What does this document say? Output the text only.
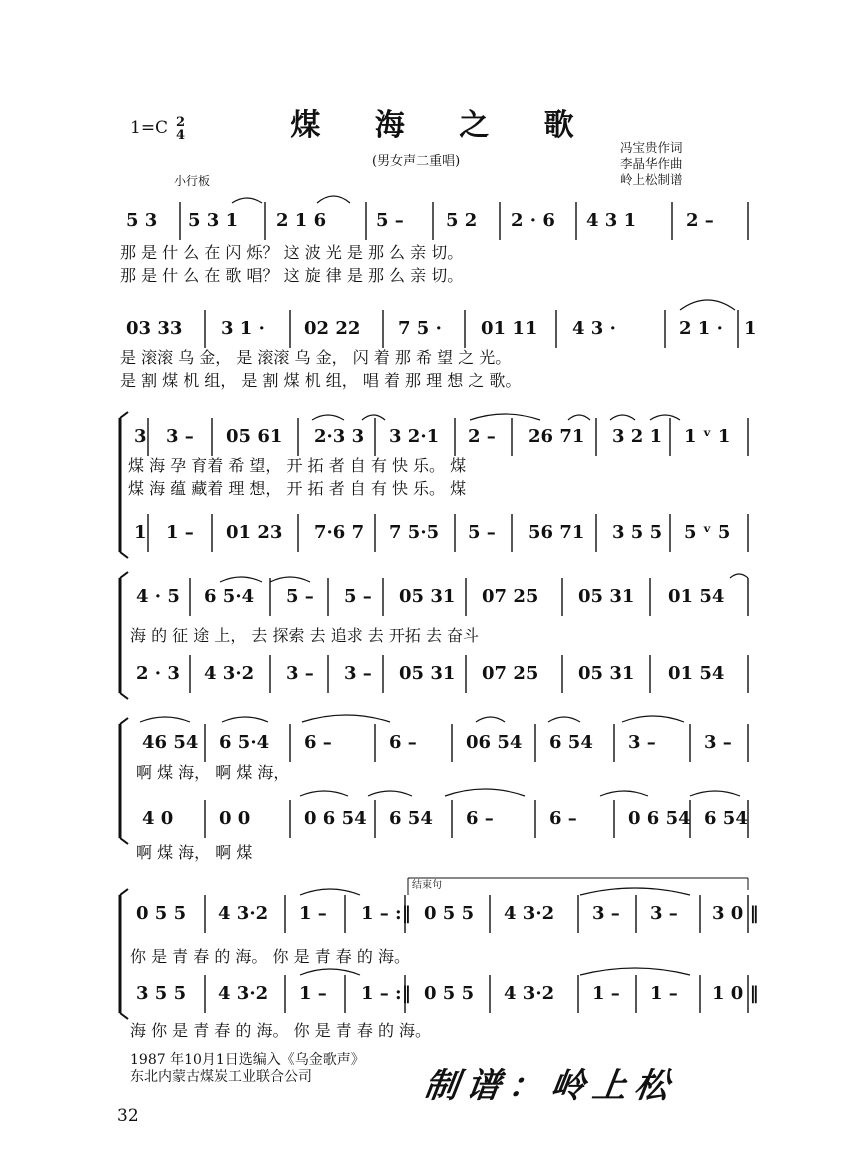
煤 海 之 歌
1=C 2
4
(男女声二重唱)
小行板
冯宝贵作词
李晶华作曲
岭上松制谱
5 3 5 3 1 2 1 6	5 – 5 2 2 · 6 4 3 1	2 –
那 是 什 么 在 闪 烁？ 这 波 光 是 那 么 亲 切。
那 是 什 么 在 歌 唱？ 这 旋 律 是 那 么 亲 切。
03 33 3 1 · 02 22 7 5 · 01 11 4 3 ·	2 1 · 1
是 滚滚 乌 金， 是 滚滚 乌 金， 闪 着 那 希 望 之 光。
是 割 煤 机 组， 是 割 煤 机 组， 唱 着 那 理 想 之 歌。
3 3 – 05 61 2·3 3 3 2·1 2 – 26 71 3 2 1 1 ᵛ 1
煤 海 孕 育着 希 望， 开 拓 者 自 有 快 乐。 煤
煤 海 蕴 藏着 理 想， 开 拓 者 自 有 快 乐。 煤
1 1 – 01 23 7·6 7 7 5·5 5 – 56 71 3 5 5 5 ᵛ 5
4 · 5 6 5·4 5 – 5 – 05 31 07 25 05 31 01 54
海 的 征 途 上， 去 探索 去 追求 去 开拓 去 奋斗
2 · 3 4 3·2 3 – 3 – 05 31 07 25 05 31 01 54
46 54 6 5·4 6 –	6 –	06 54 6 54 3 –	3 –
啊 煤 海， 啊 煤 海，
4 0	0 0	0 6 54 6 54 6 –	6 –	0 6 54 6 54
啊 煤 海， 啊 煤
0 5 5 4 3·2 1 – 1 – :‖ 0 5 5 4 3·2 3 – 3 – 3 0 ‖
你 是 青 春 的 海。 你 是 青 春 的 海。
3 5 5 4 3·2 1 – 1 – :‖ 0 5 5 4 3·2 1 – 1 – 1 0 ‖
海 你 是 青 春 的 海。 你 是 青 春 的 海。
结束句
1987 年10月1日选编入《乌金歌声》
东北内蒙古煤炭工业联合公司	制谱：岭上松
32
